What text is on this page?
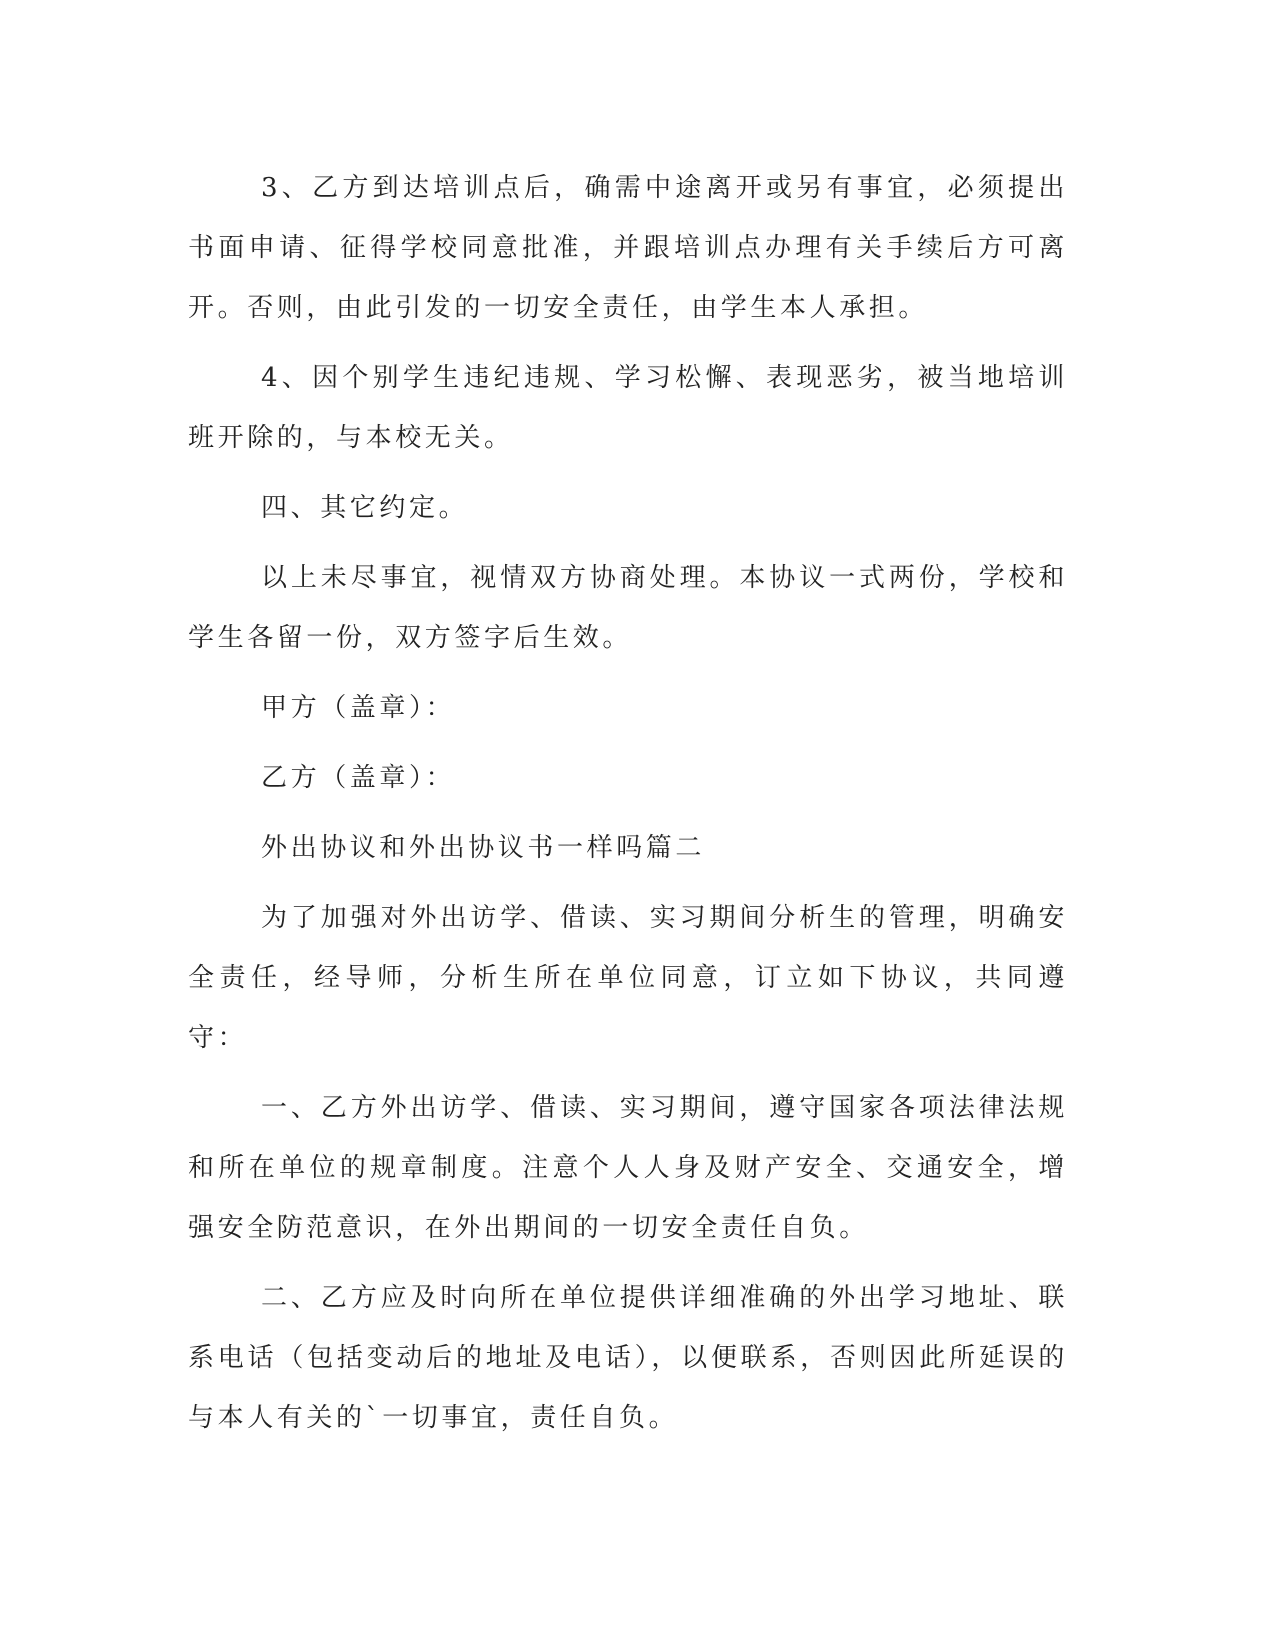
3、乙方到达培训点后，确需中途离开或另有事宜，必须提出书面申请、征得学校同意批准，并跟培训点办理有关手续后方可离开。否则，由此引发的一切安全责任，由学生本人承担。

4、因个别学生违纪违规、学习松懈、表现恶劣，被当地培训班开除的，与本校无关。

四、其它约定。

以上未尽事宜，视情双方协商处理。本协议一式两份，学校和学生各留一份，双方签字后生效。

甲方（盖章）：

乙方（盖章）：

外出协议和外出协议书一样吗篇二

为了加强对外出访学、借读、实习期间分析生的管理，明确安全责任，经导师，分析生所在单位同意，订立如下协议，共同遵守：

一、乙方外出访学、借读、实习期间，遵守国家各项法律法规和所在单位的规章制度。注意个人人身及财产安全、交通安全，增强安全防范意识，在外出期间的一切安全责任自负。

二、乙方应及时向所在单位提供详细准确的外出学习地址、联系电话（包括变动后的地址及电话），以便联系，否则因此所延误的与本人有关的`一切事宜，责任自负。
